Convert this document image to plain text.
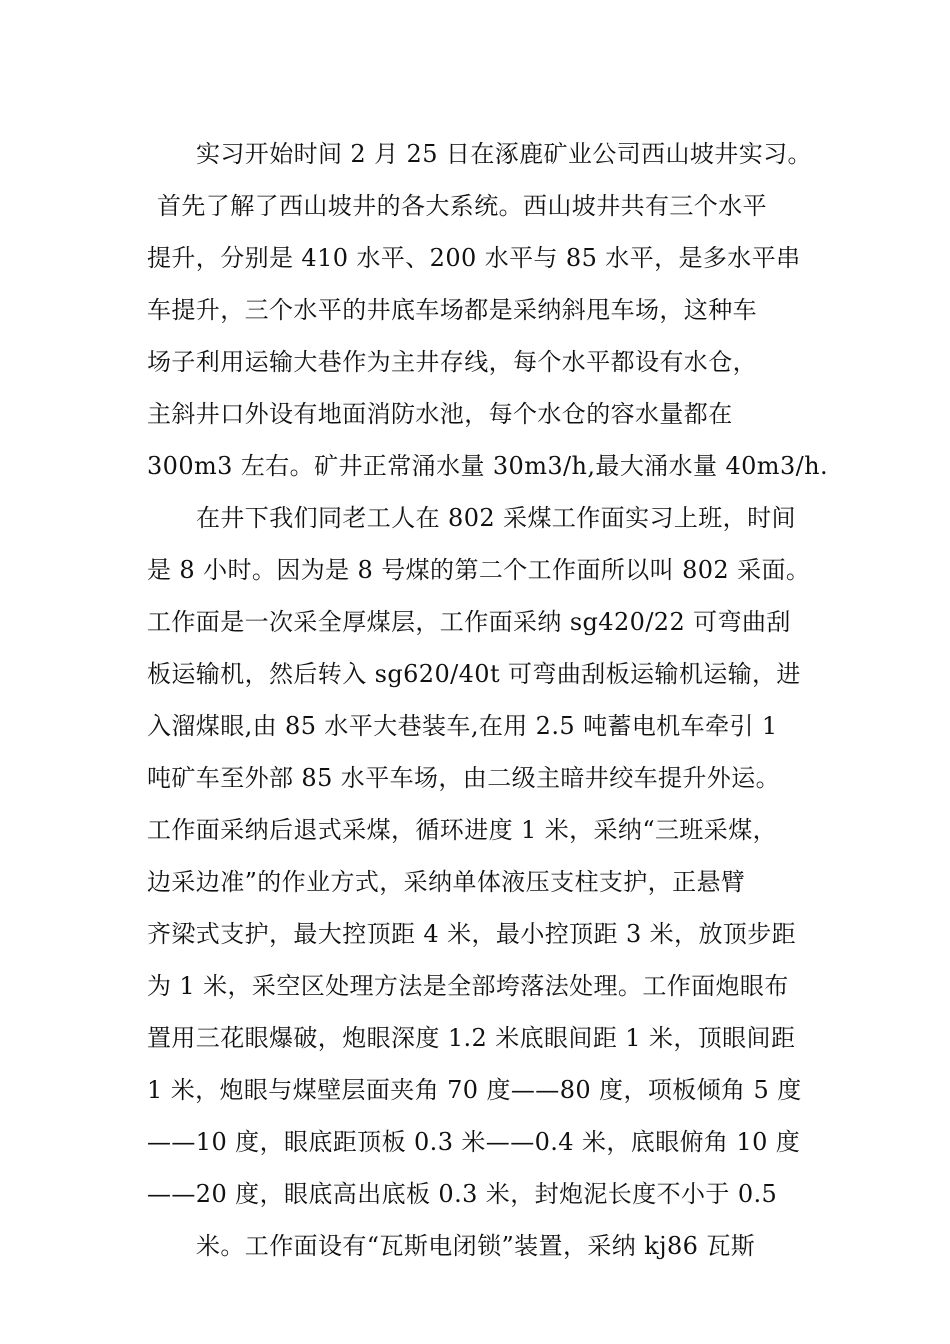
实习开始时间 2 月 25 日在涿鹿矿业公司西山坡井实习。
首先了解了西山坡井的各大系统。西山坡井共有三个水平
提升，分别是 410 水平、200 水平与 85 水平，是多水平串
车提升，三个水平的井底车场都是采纳斜甩车场，这种车
场子利用运输大巷作为主井存线，每个水平都设有水仓，
主斜井口外设有地面消防水池，每个水仓的容水量都在
300m3 左右。矿井正常涌水量 30m3/h,最大涌水量 40m3/h.
在井下我们同老工人在 802 采煤工作面实习上班，时间
是 8 小时。因为是 8 号煤的第二个工作面所以叫 802 采面。
工作面是一次采全厚煤层，工作面采纳 sg420/22 可弯曲刮
板运输机，然后转入 sg620/40t 可弯曲刮板运输机运输，进
入溜煤眼,由 85 水平大巷装车,在用 2.5 吨蓄电机车牵引 1
吨矿车至外部 85 水平车场，由二级主暗井绞车提升外运。
工作面采纳后退式采煤，循环进度 1 米，采纳“三班采煤，
边采边准”的作业方式，采纳单体液压支柱支护，正悬臂
齐梁式支护，最大控顶距 4 米，最小控顶距 3 米，放顶步距
为 1 米，采空区处理方法是全部垮落法处理。工作面炮眼布
置用三花眼爆破，炮眼深度 1.2 米底眼间距 1 米，顶眼间距
1 米，炮眼与煤壁层面夹角 70 度——80 度，项板倾角 5 度
——10 度，眼底距顶板 0.3 米——0.4 米，底眼俯角 10 度
——20 度，眼底高出底板 0.3 米，封炮泥长度不小于 0.5
米。工作面设有“瓦斯电闭锁”装置，采纳 kj86 瓦斯
